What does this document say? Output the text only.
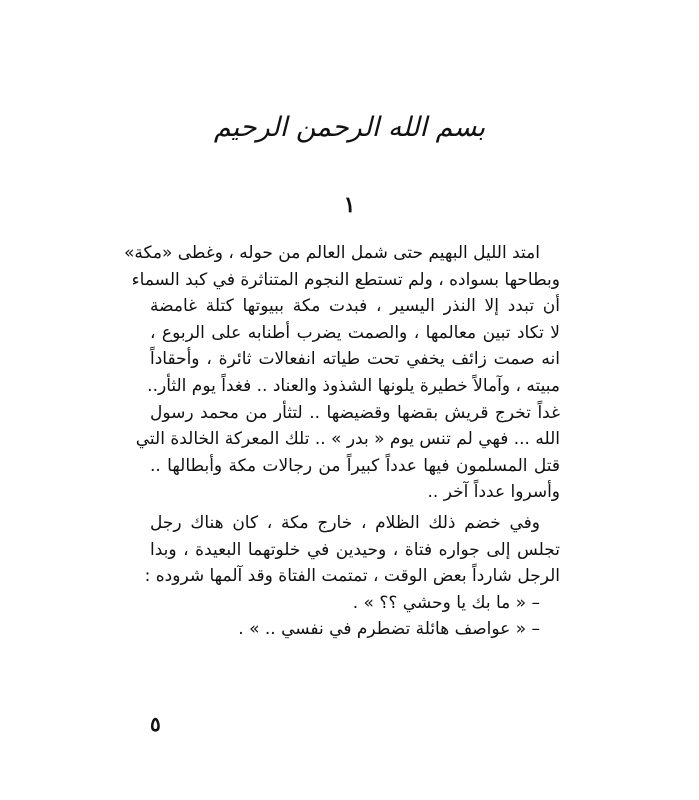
بسم الله الرحمن الرحيم
١
امتد الليل البهيم حتى شمل العالم من حوله ، وغطى «مكة»
وبطاحها بسواده ، ولم تستطع النجوم المتناثرة في كبد السماء
أن تبدد إلا النذر اليسير ، فبدت مكة ببيوتها كتلة غامضة
لا تكاد تبين معالمها ، والصمت يضرب أطنابه على الربوع ،
انه صمت زائف يخفي تحت طياته انفعالات ثائرة ، وأحقاداً
مبيته ، وآمالاً خطيرة يلونها الشذوذ والعناد .. فغداً يوم الثأر..
غداً تخرج قريش بقضها وقضيضها .. لتثأر من محمد رسول
الله ... فهي لم تنس يوم « بدر » .. تلك المعركة الخالدة التي
قتل المسلمون فيها عدداً كبيراً من رجالات مكة وأبطالها ..
وأسروا عدداً آخر ..
وفي خضم ذلك الظلام ، خارج مكة ، كان هناك رجل
تجلس إلى جواره فتاة ، وحيدين في خلوتهما البعيدة ، وبدا
الرجل شارداً بعض الوقت ، تمتمت الفتاة وقد آلمها شروده :
– « ما بك يا وحشي ؟؟ » .
– « عواصف هائلة تضطرم في نفسي .. » .
٥
